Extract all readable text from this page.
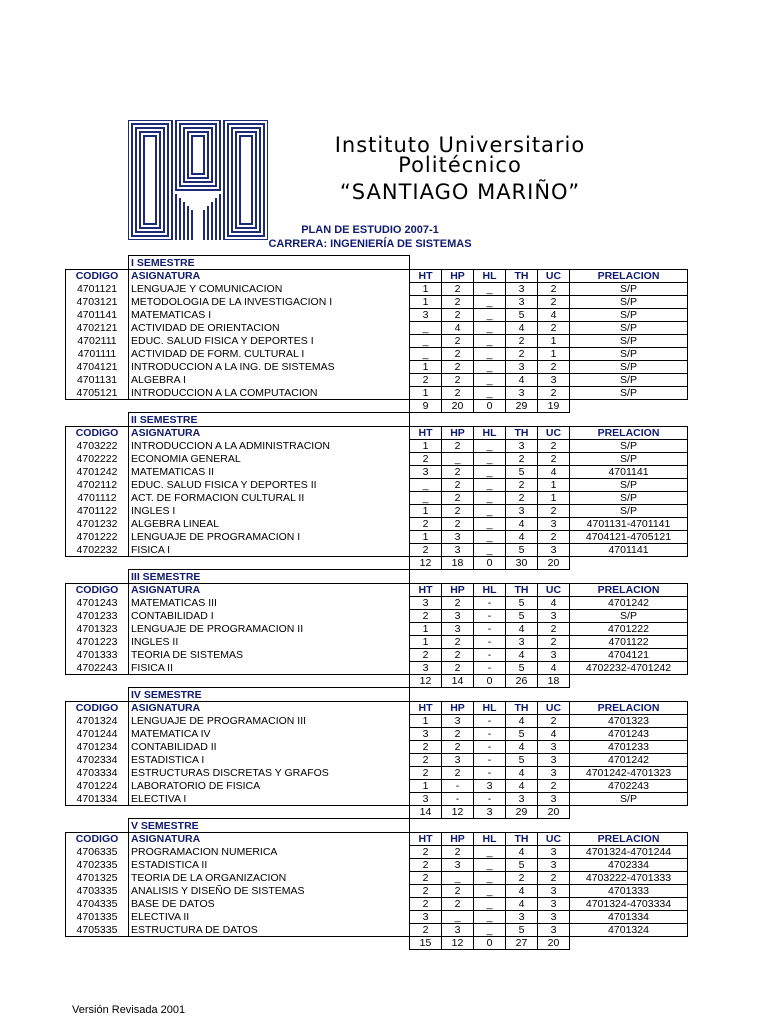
Instituto Universitario
Politécnico
“SANTIAGO MARIÑO”
PLAN DE ESTUDIO 2007-1
CARRERA: INGENIERÍA DE SISTEMAS
	I SEMESTRE						
CODIGO	ASIGNATURA	HT	HP	HL	TH	UC	PRELACION
4701121	LENGUAJE Y COMUNICACION	1	2	_	3	2	S/P
4703121	METODOLOGIA DE LA INVESTIGACION I	1	2	_	3	2	S/P
4701141	MATEMATICAS I	3	2	_	5	4	S/P
4702121	ACTIVIDAD DE ORIENTACION	_	4	_	4	2	S/P
4702111	EDUC. SALUD FISICA Y DEPORTES I	_	2	_	2	1	S/P
4701111	ACTIVIDAD DE FORM. CULTURAL I	_	2	_	2	1	S/P
4704121	INTRODUCCION A LA ING. DE SISTEMAS	1	2	_	3	2	S/P
4701131	ALGEBRA I	2	2	_	4	3	S/P
4705121	INTRODUCCION A LA COMPUTACION	1	2	_	3	2	S/P
		9	20	0	29	19	
	II SEMESTRE						
CODIGO	ASIGNATURA	HT	HP	HL	TH	UC	PRELACION
4703222	INTRODUCCION A LA ADMINISTRACION	1	2	_	3	2	S/P
4702222	ECONOMIA GENERAL	2	_	_	2	2	S/P
4701242	MATEMATICAS II	3	2	_	5	4	4701141
4702112	EDUC. SALUD FISICA Y DEPORTES II	_	2	_	2	1	S/P
4701112	ACT. DE FORMACION CULTURAL II	_	2	_	2	1	S/P
4701122	INGLES I	1	2	_	3	2	S/P
4701232	ALGEBRA LINEAL	2	2	_	4	3	4701131-4701141
4701222	LENGUAJE DE PROGRAMACION I	1	3	_	4	2	4704121-4705121
4702232	FISICA I	2	3	_	5	3	4701141
		12	18	0	30	20	
	III SEMESTRE						
CODIGO	ASIGNATURA	HT	HP	HL	TH	UC	PRELACION
4701243	MATEMATICAS III	3	2	-	5	4	4701242
4701233	CONTABILIDAD I	2	3	-	5	3	S/P
4701323	LENGUAJE DE PROGRAMACION II	1	3	-	4	2	4701222
4701223	INGLES II	1	2	-	3	2	4701122
4701333	TEORIA DE SISTEMAS	2	2	-	4	3	4704121
4702243	FISICA II	3	2	-	5	4	4702232-4701242
		12	14	0	26	18	
	IV SEMESTRE						
CODIGO	ASIGNATURA	HT	HP	HL	TH	UC	PRELACION
4701324	LENGUAJE DE PROGRAMACION III	1	3	-	4	2	4701323
4701244	MATEMATICA IV	3	2	-	5	4	4701243
4701234	CONTABILIDAD II	2	2	-	4	3	4701233
4702334	ESTADISTICA I	2	3	-	5	3	4701242
4703334	ESTRUCTURAS DISCRETAS Y GRAFOS	2	2	-	4	3	4701242-4701323
4701224	LABORATORIO DE FISICA	1	-	3	4	2	4702243
4701334	ELECTIVA I	3	-	-	3	3	S/P
		14	12	3	29	20	
	V SEMESTRE						
CODIGO	ASIGNATURA	HT	HP	HL	TH	UC	PRELACION
4706335	PROGRAMACION NUMERICA	2	2	_	4	3	4701324-4701244
4702335	ESTADISTICA II	2	3	_	5	3	4702334
4701325	TEORIA DE LA ORGANIZACION	2	_	_	2	2	4703222-4701333
4703335	ANALISIS Y DISEÑO DE SISTEMAS	2	2	_	4	3	4701333
4704335	BASE DE DATOS	2	2	_	4	3	4701324-4703334
4701335	ELECTIVA II	3	_	_	3	3	4701334
4705335	ESTRUCTURA DE DATOS	2	3	_	5	3	4701324
		15	12	0	27	20	
Versión Revisada 2001
